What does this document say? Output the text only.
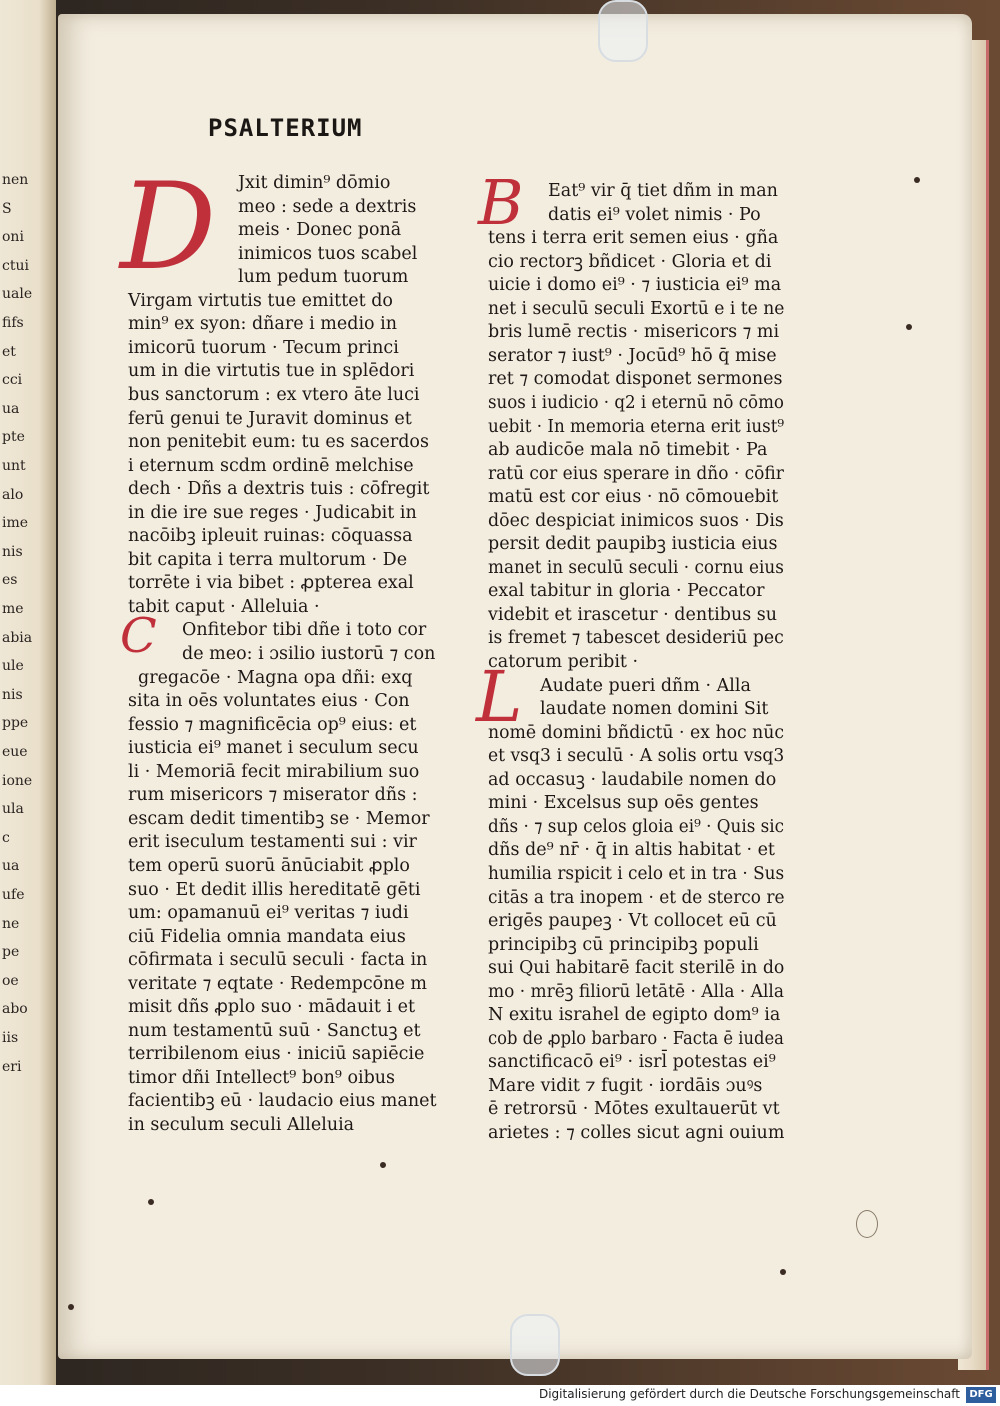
nen
S
oni
ctui
uale
fifs
et
cci
ua
pte
unt
alo
ime
nis
es
me
abia
ule
nis
ppe
eue
ione
ula
c
ua
ufe
ne
pe
oe
abo
iis
eri
PSALTERIUM
D	B
C
L
Jxit dimin⁹ dōmio
meo : sede a dextris
meis · Donec ponā
inimicos tuos scabel
lum pedum tuorum
Virgam virtutis tue emittet do
min⁹ ex syon: dñare i medio in
imicorū tuorum · Tecum princi
um in die virtutis tue in splēdori
bus sanctorum : ex vtero āte luci
ferū genui te Juravit dominus et
non penitebit eum: tu es sacerdos
i eternum scdm ordinē melchise
dech · Dñs a dextris tuis : cōfregit
in die ire sue reges · Judicabit in
nacōibꝫ ipleuit ruinas: cōquassa
bit capita i terra multorum · De
torrēte i via bibet : ꝓpterea exal
tabit caput · Alleluia ·
Onfitebor tibi dñe i toto cor
de meo: i ɔsilio iustorū ⁊ con
gregacōe · Magna opa dñi: exq
sita in oēs voluntates eius · Con
fessio ⁊ magnificēcia op⁹ eius: et
iusticia ei⁹ manet i seculum secu
li · Memoriā fecit mirabilium suo
rum misericors ⁊ miserator dñs :
escam dedit timentibꝫ se · Memor
erit iseculum testamenti sui : vir
tem operū suorū ānūciabit ꝓplo
suo · Et dedit illis hereditatē gēti
um: opamanuū ei⁹ veritas ⁊ iudi
ciū Fidelia omnia mandata eius
cōfirmata i seculū seculi · facta in
veritate ⁊ eqtate · Redempcōne m
misit dñs ꝓplo suo · mādauit i et
num testamentū suū · Sanctuꝫ et
terribilenom eius · iniciū sapiēcie
timor dñi Intellect⁹ bon⁹ oibus
facientibꝫ eū · laudacio eius manet
in seculum seculi Alleluia
Eat⁹ vir q̄ tiet dñm in man
datis ei⁹ volet nimis · Po
tens i terra erit semen eius · gña
cio rectorꝫ bñdicet · Gloria et di
uicie i domo ei⁹ · ⁊ iusticia ei⁹ ma
net i seculū seculi Exortū e i te ne
bris lumē rectis · misericors ⁊ mi
serator ⁊ iust⁹ · Jocūd⁹ hō q̄ mise
ret ⁊ comodat disponet sermones
suos i iudicio · q2 i eternū nō cōmo
uebit · In memoria eterna erit iust⁹
ab audicōe mala nō timebit · Pa
ratū cor eius sperare in dño · cōfir
matū est cor eius · nō cōmouebit
dōec despiciat inimicos suos · Dis
persit dedit paupibꝫ iusticia eius
manet in seculū seculi · cornu eius
exal tabitur in gloria · Peccator
videbit et irascetur · dentibus su
is fremet ⁊ tabescet desideriū pec
catorum peribit ·
Audate pueri dñm · Alla
laudate nomen domini Sit
nomē domini bñdictū · ex hoc nūc
et vsq3 i seculū · A solis ortu vsq3
ad occasuꝫ · laudabile nomen do
mini · Excelsus sup oēs gentes
dñs · ⁊ sup celos gloia ei⁹ · Quis sic
dñs de⁹ nr̄ · q̄ in altis habitat · et
humilia rspicit i celo et in tra · Sus
citās a tra inopem · et de sterco re
erigēs paupeꝫ · Vt collocet eū cū
principibꝫ cū principibꝫ populi
sui Qui habitarē facit sterilē in do
mo · mrēꝫ filiorū letātē · Alla · Alla
N exitu israhel de egipto dom⁹ ia
cob de ꝓplo barbaro · Facta ē iudea
sanctificacō ei⁹ · isrl̄ potestas ei⁹
Mare vidit ⁊ fugit · iordāis ɔuꝰs
ē retrorsū · Mōtes exultauerūt vt
arietes : ⁊ colles sicut agni ouium
Digitalisierung gefördert durch die Deutsche Forschungsgemeinschaft DFG
